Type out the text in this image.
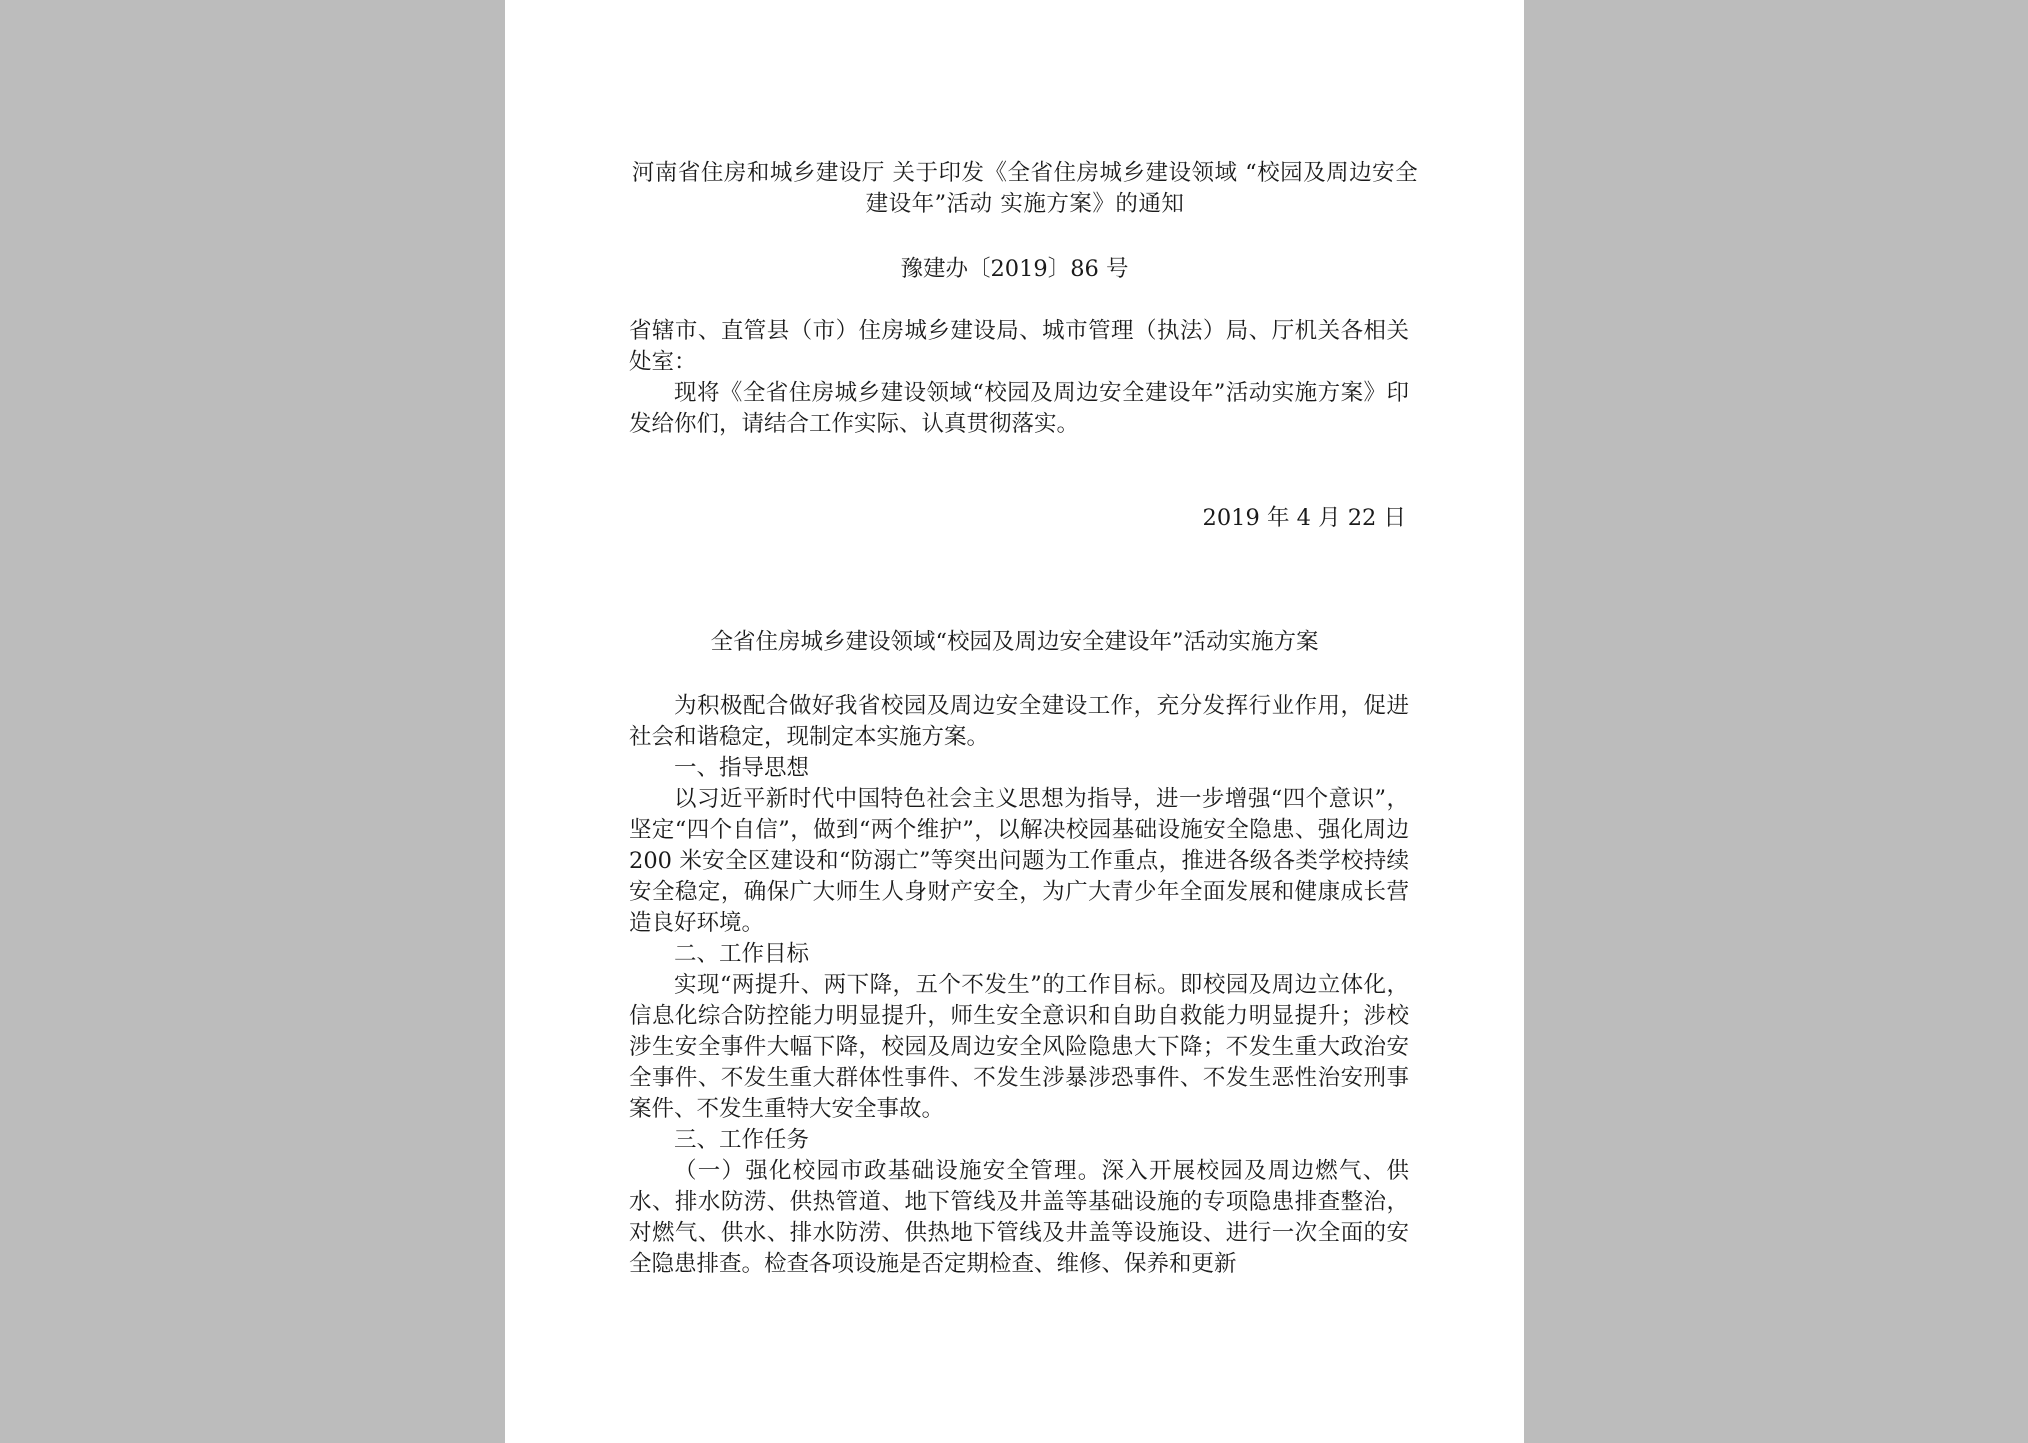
河南省住房和城乡建设厅 关于印发《全省住房城乡建设领域 “校园及周边安全建设年”活动 实施方案》的通知
豫建办〔2019〕86 号

省辖市、直管县（市）住房城乡建设局、城市管理（执法）局、厅机关各相关处室：

现将《全省住房城乡建设领域“校园及周边安全建设年”活动实施方案》印发给你们，请结合工作实际、认真贯彻落实。

2019 年 4 月 22 日
全省住房城乡建设领域“校园及周边安全建设年”活动实施方案

为积极配合做好我省校园及周边安全建设工作，充分发挥行业作用，促进社会和谐稳定，现制定本实施方案。

一、指导思想

以习近平新时代中国特色社会主义思想为指导，进一步增强“四个意识”，坚定“四个自信”，做到“两个维护”，以解决校园基础设施安全隐患、强化周边 200 米安全区建设和“防溺亡”等突出问题为工作重点，推进各级各类学校持续安全稳定，确保广大师生人身财产安全，为广大青少年全面发展和健康成长营造良好环境。

二、工作目标

实现“两提升、两下降，五个不发生”的工作目标。即校园及周边立体化，信息化综合防控能力明显提升，师生安全意识和自助自救能力明显提升；涉校涉生安全事件大幅下降，校园及周边安全风险隐患大下降；不发生重大政治安全事件、不发生重大群体性事件、不发生涉暴涉恐事件、不发生恶性治安刑事案件、不发生重特大安全事故。

三、工作任务

（一）强化校园市政基础设施安全管理。深入开展校园及周边燃气、供水、排水防涝、供热管道、地下管线及井盖等基础设施的专项隐患排查整治，对燃气、供水、排水防涝、供热地下管线及井盖等设施设、进行一次全面的安全隐患排查。检查各项设施是否定期检查、维修、保养和更新
